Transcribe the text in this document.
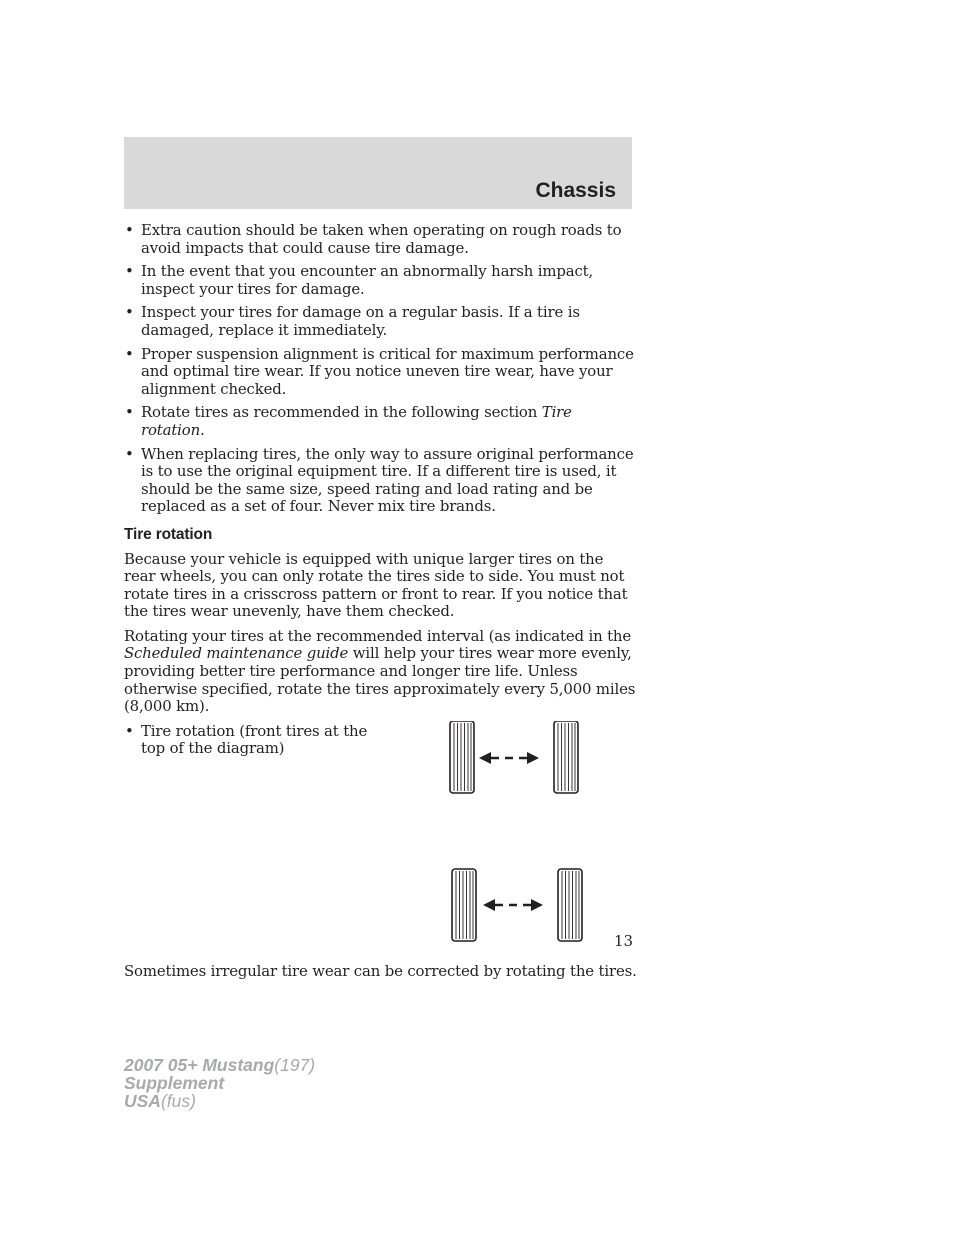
Chassis
• Extra caution should be taken when operating on rough roads to avoid impacts that could cause tire damage.
• In the event that you encounter an abnormally harsh impact, inspect your tires for damage.
• Inspect your tires for damage on a regular basis. If a tire is damaged, replace it immediately.
• Proper suspension alignment is critical for maximum performance and optimal tire wear. If you notice uneven tire wear, have your alignment checked.
• Rotate tires as recommended in the following section Tire rotation.
• When replacing tires, the only way to assure original performance is to use the original equipment tire. If a different tire is used, it should be the same size, speed rating and load rating and be replaced as a set of four. Never mix tire brands.
Tire rotation

Because your vehicle is equipped with unique larger tires on the rear wheels, you can only rotate the tires side to side. You must not rotate tires in a crisscross pattern or front to rear. If you notice that the tires wear unevenly, have them checked.

Rotating your tires at the recommended interval (as indicated in the Scheduled maintenance guide will help your tires wear more evenly, providing better tire performance and longer tire life. Unless otherwise specified, rotate the tires approximately every 5,000 miles (8,000 km).

• Tire rotation (front tires at the top of the diagram)

Sometimes irregular tire wear can be corrected by rotating the tires.

13
2007 05+ Mustang(197)
Supplement
USA(fus)
